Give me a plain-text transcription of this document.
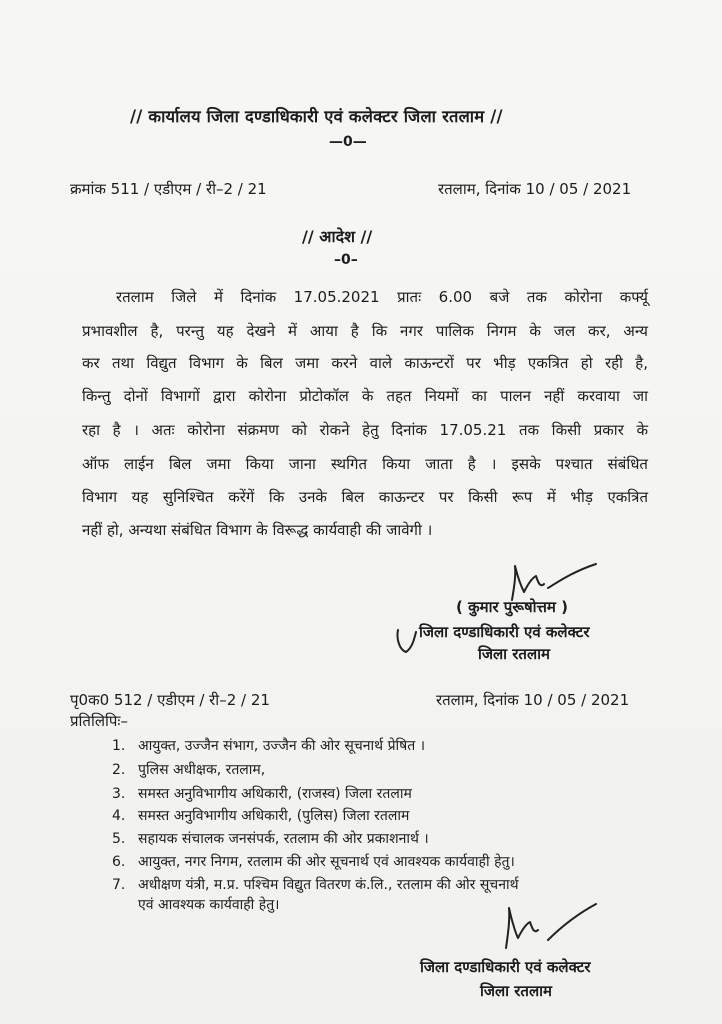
// कार्यालय जिला दण्डाधिकारी एवं कलेक्टर जिला रतलाम //
—0—
क्रमांक 511 / एडीएम / री–2 / 21	रतलाम, दिनांक 10 / 05 / 2021
// आदेश //
–0–
रतलाम जिले में दिनांक 17.05.2021 प्रातः 6.00 बजे तक कोरोना कर्फ्यू
प्रभावशील है, परन्तु यह देखने में आया है कि नगर पालिक निगम के जल कर, अन्य
कर तथा विद्युत विभाग के बिल जमा करने वाले काऊन्टरों पर भीड़ एकत्रित हो रही है,
किन्तु दोनों विभागों द्वारा कोरोना प्रोटोकॉल के तहत नियमों का पालन नहीं करवाया जा
रहा है । अतः कोरोना संक्रमण को रोकने हेतु दिनांक 17.05.21 तक किसी प्रकार के
ऑफ लाईन बिल जमा किया जाना स्थगित किया जाता है । इसके पश्चात संबंधित
विभाग यह सुनिश्चित करेंगें कि उनके बिल काऊन्टर पर किसी रूप में भीड़ एकत्रित
नहीं हो, अन्यथा संबंधित विभाग के विरूद्ध कार्यवाही की जावेगी ।
( कुमार पुरूषोत्तम )
जिला दण्डाधिकारी एवं कलेक्टर
जिला रतलाम
पृ0क0 512 / एडीएम / री–2 / 21	रतलाम, दिनांक 10 / 05 / 2021
प्रतिलिपिः–
1. आयुक्त, उज्जैन संभाग, उज्जैन की ओर सूचनार्थ प्रेषित ।
2. पुलिस अधीक्षक, रतलाम,
3. समस्त अनुविभागीय अधिकारी, (राजस्व) जिला रतलाम
4. समस्त अनुविभागीय अधिकारी, (पुलिस) जिला रतलाम
5. सहायक संचालक जनसंपर्क, रतलाम की ओर प्रकाशनार्थ ।
6. आयुक्त, नगर निगम, रतलाम की ओर सूचनार्थ एवं आवश्यक कार्यवाही हेतु।
7. अधीक्षण यंत्री, म.प्र. पश्चिम विद्युत वितरण कं.लि., रतलाम की ओर सूचनार्थ
एवं आवश्यक कार्यवाही हेतु।
जिला दण्डाधिकारी एवं कलेक्टर
जिला रतलाम
